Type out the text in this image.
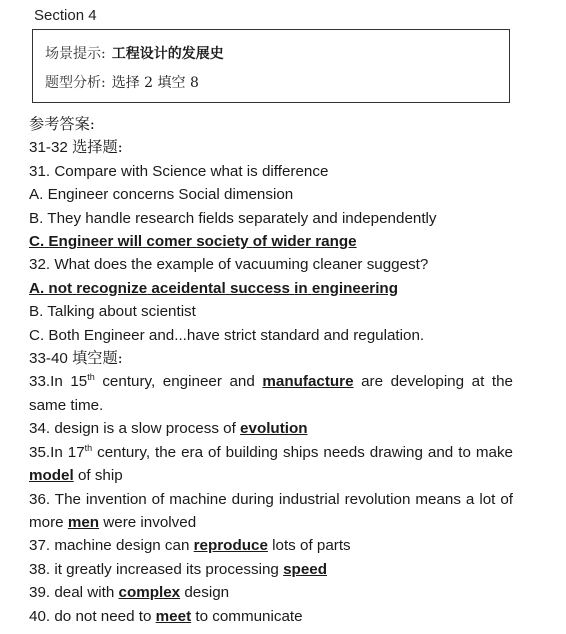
Section 4
场景提示: 工程设计的发展史
题型分析: 选择 2 填空 8
参考答案:
31-32 选择题:
31. Compare with Science what is difference
A. Engineer concerns Social dimension
B. They handle research fields separately and independently
C. Engineer will comer society of wider range
32. What does the example of vacuuming cleaner suggest?
A. not recognize aceidental success in engineering
B. Talking about scientist
C. Both Engineer and...have strict standard and regulation.
33-40 填空题:
33.In 15th century, engineer and manufacture are developing at the same time.
34. design is a slow process of evolution
35.In 17th century, the era of building ships needs drawing and to make model of ship
36. The invention of machine during industrial revolution means a lot of more men were involved
37. machine design can reproduce lots of parts
38. it greatly increased its processing speed
39. deal with complex design
40. do not need to meet to communicate
